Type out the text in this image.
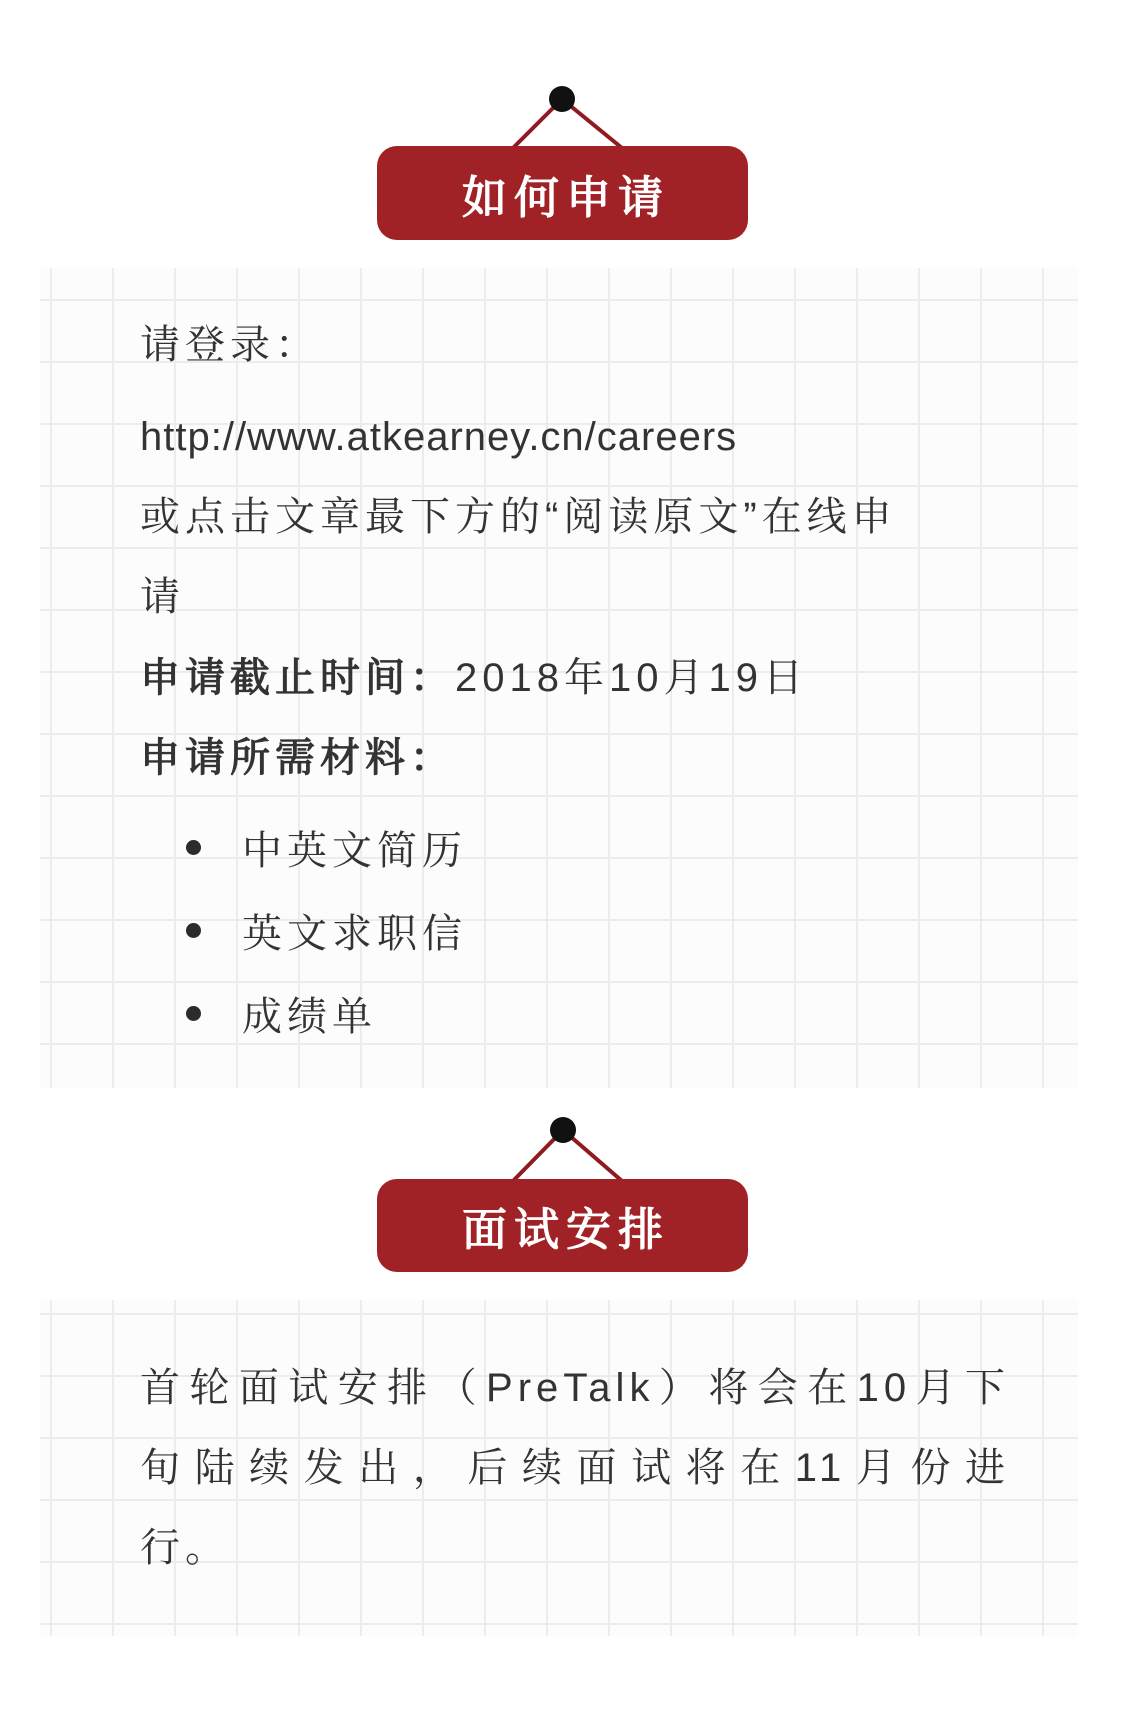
如何申请
请登录：
http://www.atkearney.cn/careers
或点击文章最下方的“阅读原文”在线申
请
申请截止时间：2018年10月19日
申请所需材料：
中英文简历
英文求职信
成绩单
面试安排
首轮面试安排（PreTalk）将会在10月下
旬陆续发出，后续面试将在11月份进
行。
